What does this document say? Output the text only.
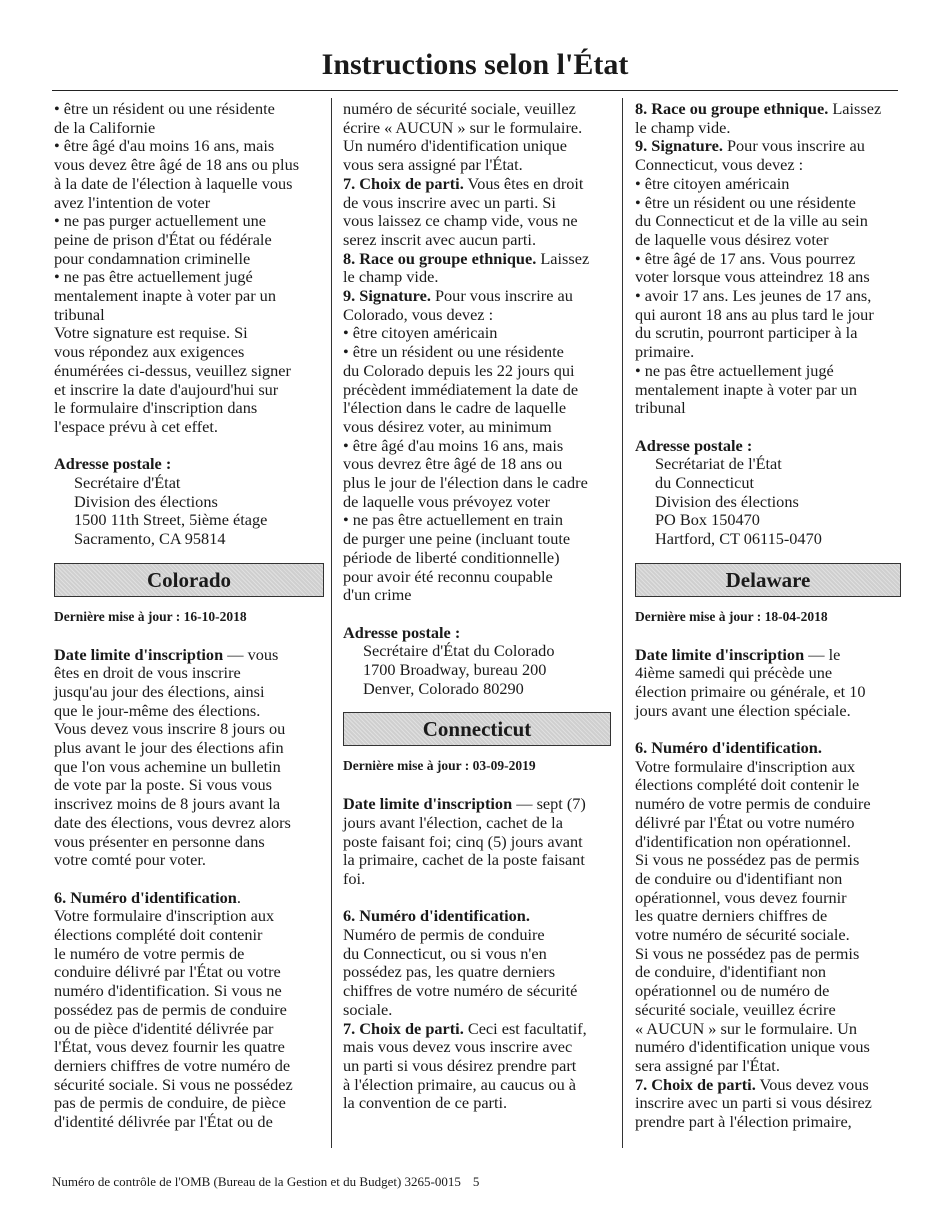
Instructions selon l'État
• être un résident ou une résidente
de la Californie
• être âgé d'au moins 16 ans, mais
vous devez être âgé de 18 ans ou plus
à la date de l'élection à laquelle vous
avez l'intention de voter
• ne pas purger actuellement une
peine de prison d'État ou fédérale
pour condamnation criminelle
• ne pas être actuellement jugé
mentalement inapte à voter par un
tribunal
Votre signature est requise. Si
vous répondez aux exigences
énumérées ci-dessus, veuillez signer
et inscrire la date d'aujourd'hui sur
le formulaire d'inscription dans
l'espace prévu à cet effet.

Adresse postale :

Secrétaire d'État
Division des élections
1500 11th Street, 5ième étage
Sacramento, CA 95814
Colorado

Dernière mise à jour : 16-10-2018

Date limite d'inscription — vous
êtes en droit de vous inscrire
jusqu'au jour des élections, ainsi
que le jour-même des élections.
Vous devez vous inscrire 8 jours ou
plus avant le jour des élections afin
que l'on vous achemine un bulletin
de vote par la poste. Si vous vous
inscrivez moins de 8 jours avant la
date des élections, vous devrez alors
vous présenter en personne dans
votre comté pour voter.
6. Numéro d'identification.
Votre formulaire d'inscription aux
élections complété doit contenir
le numéro de votre permis de
conduire délivré par l'État ou votre
numéro d'identification. Si vous ne
possédez pas de permis de conduire
ou de pièce d'identité délivrée par
l'État, vous devez fournir les quatre
derniers chiffres de votre numéro de
sécurité sociale. Si vous ne possédez
pas de permis de conduire, de pièce
d'identité délivrée par l'État ou de
numéro de sécurité sociale, veuillez
écrire « AUCUN » sur le formulaire.
Un numéro d'identification unique
vous sera assigné par l'État.
7. Choix de parti. Vous êtes en droit
de vous inscrire avec un parti. Si
vous laissez ce champ vide, vous ne
serez inscrit avec aucun parti.
8. Race ou groupe ethnique. Laissez
le champ vide.
9. Signature. Pour vous inscrire au
Colorado, vous devez :
• être citoyen américain
• être un résident ou une résidente
du Colorado depuis les 22 jours qui
précèdent immédiatement la date de
l'élection dans le cadre de laquelle
vous désirez voter, au minimum
• être âgé d'au moins 16 ans, mais
vous devrez être âgé de 18 ans ou
plus le jour de l'élection dans le cadre
de laquelle vous prévoyez voter
• ne pas être actuellement en train
de purger une peine (incluant toute
période de liberté conditionnelle)
pour avoir été reconnu coupable
d'un crime

Adresse postale :

Secrétaire d'État du Colorado
1700 Broadway, bureau 200
Denver, Colorado 80290
Connecticut

Dernière mise à jour : 03-09-2019

Date limite d'inscription — sept (7)
jours avant l'élection, cachet de la
poste faisant foi; cinq (5) jours avant
la primaire, cachet de la poste faisant
foi.
6. Numéro d'identification.
Numéro de permis de conduire
du Connecticut, ou si vous n'en
possédez pas, les quatre derniers
chiffres de votre numéro de sécurité
sociale.
7. Choix de parti. Ceci est facultatif,
mais vous devez vous inscrire avec
un parti si vous désirez prendre part
à l'élection primaire, au caucus ou à
la convention de ce parti.
8. Race ou groupe ethnique. Laissez
le champ vide.
9. Signature. Pour vous inscrire au
Connecticut, vous devez :
• être citoyen américain
• être un résident ou une résidente
du Connecticut et de la ville au sein
de laquelle vous désirez voter
• être âgé de 17 ans. Vous pourrez
voter lorsque vous atteindrez 18 ans
• avoir 17 ans. Les jeunes de 17 ans,
qui auront 18 ans au plus tard le jour
du scrutin, pourront participer à la
primaire.
• ne pas être actuellement jugé
mentalement inapte à voter par un
tribunal

Adresse postale :

Secrétariat de l'État
du Connecticut
Division des élections
PO Box 150470
Hartford, CT 06115-0470
Delaware

Dernière mise à jour : 18-04-2018

Date limite d'inscription — le
4ième samedi qui précède une
élection primaire ou générale, et 10
jours avant une élection spéciale.
6. Numéro d'identification.
Votre formulaire d'inscription aux
élections complété doit contenir le
numéro de votre permis de conduire
délivré par l'État ou votre numéro
d'identification non opérationnel.
Si vous ne possédez pas de permis
de conduire ou d'identifiant non
opérationnel, vous devez fournir
les quatre derniers chiffres de
votre numéro de sécurité sociale.
Si vous ne possédez pas de permis
de conduire, d'identifiant non
opérationnel ou de numéro de
sécurité sociale, veuillez écrire
« AUCUN » sur le formulaire. Un
numéro d'identification unique vous
sera assigné par l'État.
7. Choix de parti. Vous devez vous
inscrire avec un parti si vous désirez
prendre part à l'élection primaire,
Numéro de contrôle de l'OMB (Bureau de la Gestion et du Budget) 3265-0015 5
